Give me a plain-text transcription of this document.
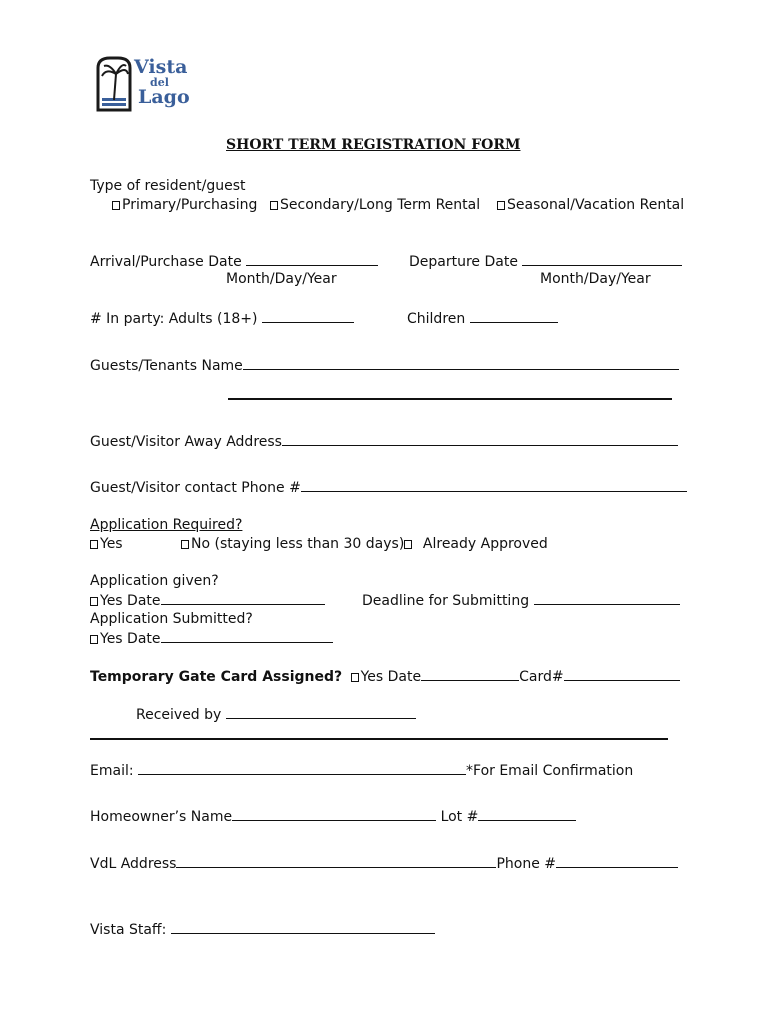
Vista
del
Lago
SHORT TERM REGISTRATION FORM
Type of resident/guest
Primary/Purchasing	Secondary/Long Term Rental	Seasonal/Vacation Rental
Arrival/Purchase Date
Month/Day/Year
Departure Date
Month/Day/Year
# In party: Adults (18+)	Children
Guests/Tenants Name
Guest/Visitor Away Address
Guest/Visitor contact Phone #
Application Required?
Yes	No (staying less than 30 days)	Already Approved
Application given?
Yes Date	Deadline for Submitting
Application Submitted?
Yes Date
Temporary Gate Card Assigned? Yes Date	Card#
Received by
Email:	*For Email Confirmation
Homeowner’s Name	Lot #
VdL Address	Phone #
Vista Staff:
